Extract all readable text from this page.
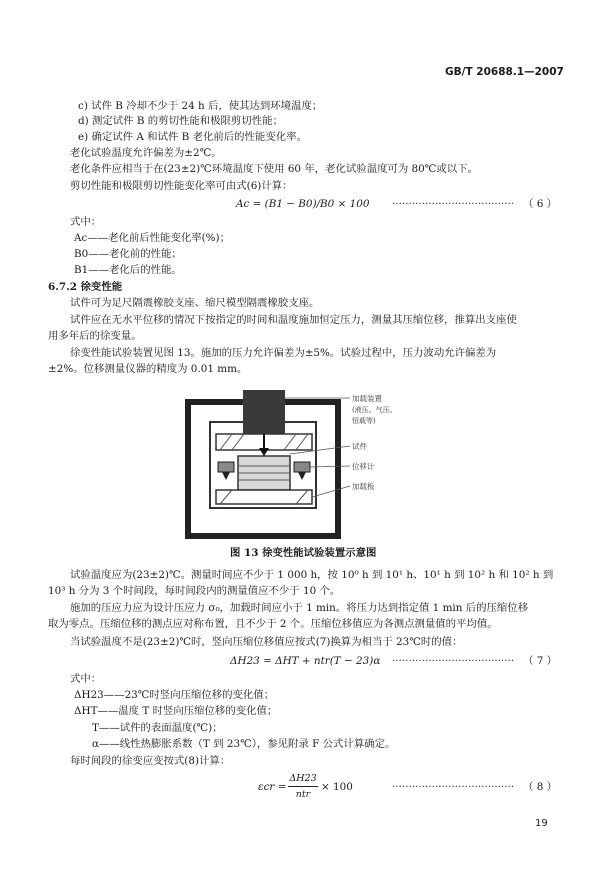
GB/T 20688.1—2007
c) 试件 B 冷却不少于 24 h 后，使其达到环境温度；
d) 测定试件 B 的剪切性能和极限剪切性能；
e) 确定试件 A 和试件 B 老化前后的性能变化率。
老化试验温度允许偏差为±2℃。
老化条件应相当于在(23±2)℃环境温度下使用 60 年，老化试验温度可为 80℃或以下。
剪切性能和极限剪切性能变化率可由式(6)计算：
Ac = (B1 − B0)/B0 × 100 ····································· （ 6 ）
式中：
Ac——老化前后性能变化率(%)；
B0——老化前的性能；
B1——老化后的性能。
6.7.2 徐变性能
试件可为足尺隔震橡胶支座、缩尺模型隔震橡胶支座。
试件应在无水平位移的情况下按指定的时间和温度施加恒定压力，测量其压缩位移，推算出支座使
用多年后的徐变量。
徐变性能试验装置见图 13。施加的压力允许偏差为±5%。试验过程中，压力波动允许偏差为
±2%。位移测量仪器的精度为 0.01 mm。
加载装置
(液压、气压、
恒载等)
试件
位移计
加载板
图 13 徐变性能试验装置示意图
试验温度应为(23±2)℃。测量时间应不少于 1 000 h，按 10⁰ h 到 10¹ h、10¹ h 到 10² h 和 10² h 到
10³ h 分为 3 个时间段，每时间段内的测量值应不少于 10 个。
施加的压应力应为设计压应力 σ₀，加载时间应小于 1 min。将压力达到指定值 1 min 后的压缩位移
取为零点。压缩位移的测点应对称布置，且不少于 2 个。压缩位移值应为各测点测量值的平均值。
当试验温度不是(23±2)℃时，竖向压缩位移值应按式(7)换算为相当于 23℃时的值：
ΔH23 = ΔHT + ntr(T − 23)α ····································· （ 7 ）
式中：
ΔH23——23℃时竖向压缩位移的变化值；
ΔHT——温度 T 时竖向压缩位移的变化值；
T——试件的表面温度(℃)；
α——线性热膨胀系数（T 到 23℃），参见附录 F 公式计算确定。
每时间段的徐变应变按式(8)计算：
εcr =
ΔH23
ntr
× 100	····································· （ 8 ）
19
